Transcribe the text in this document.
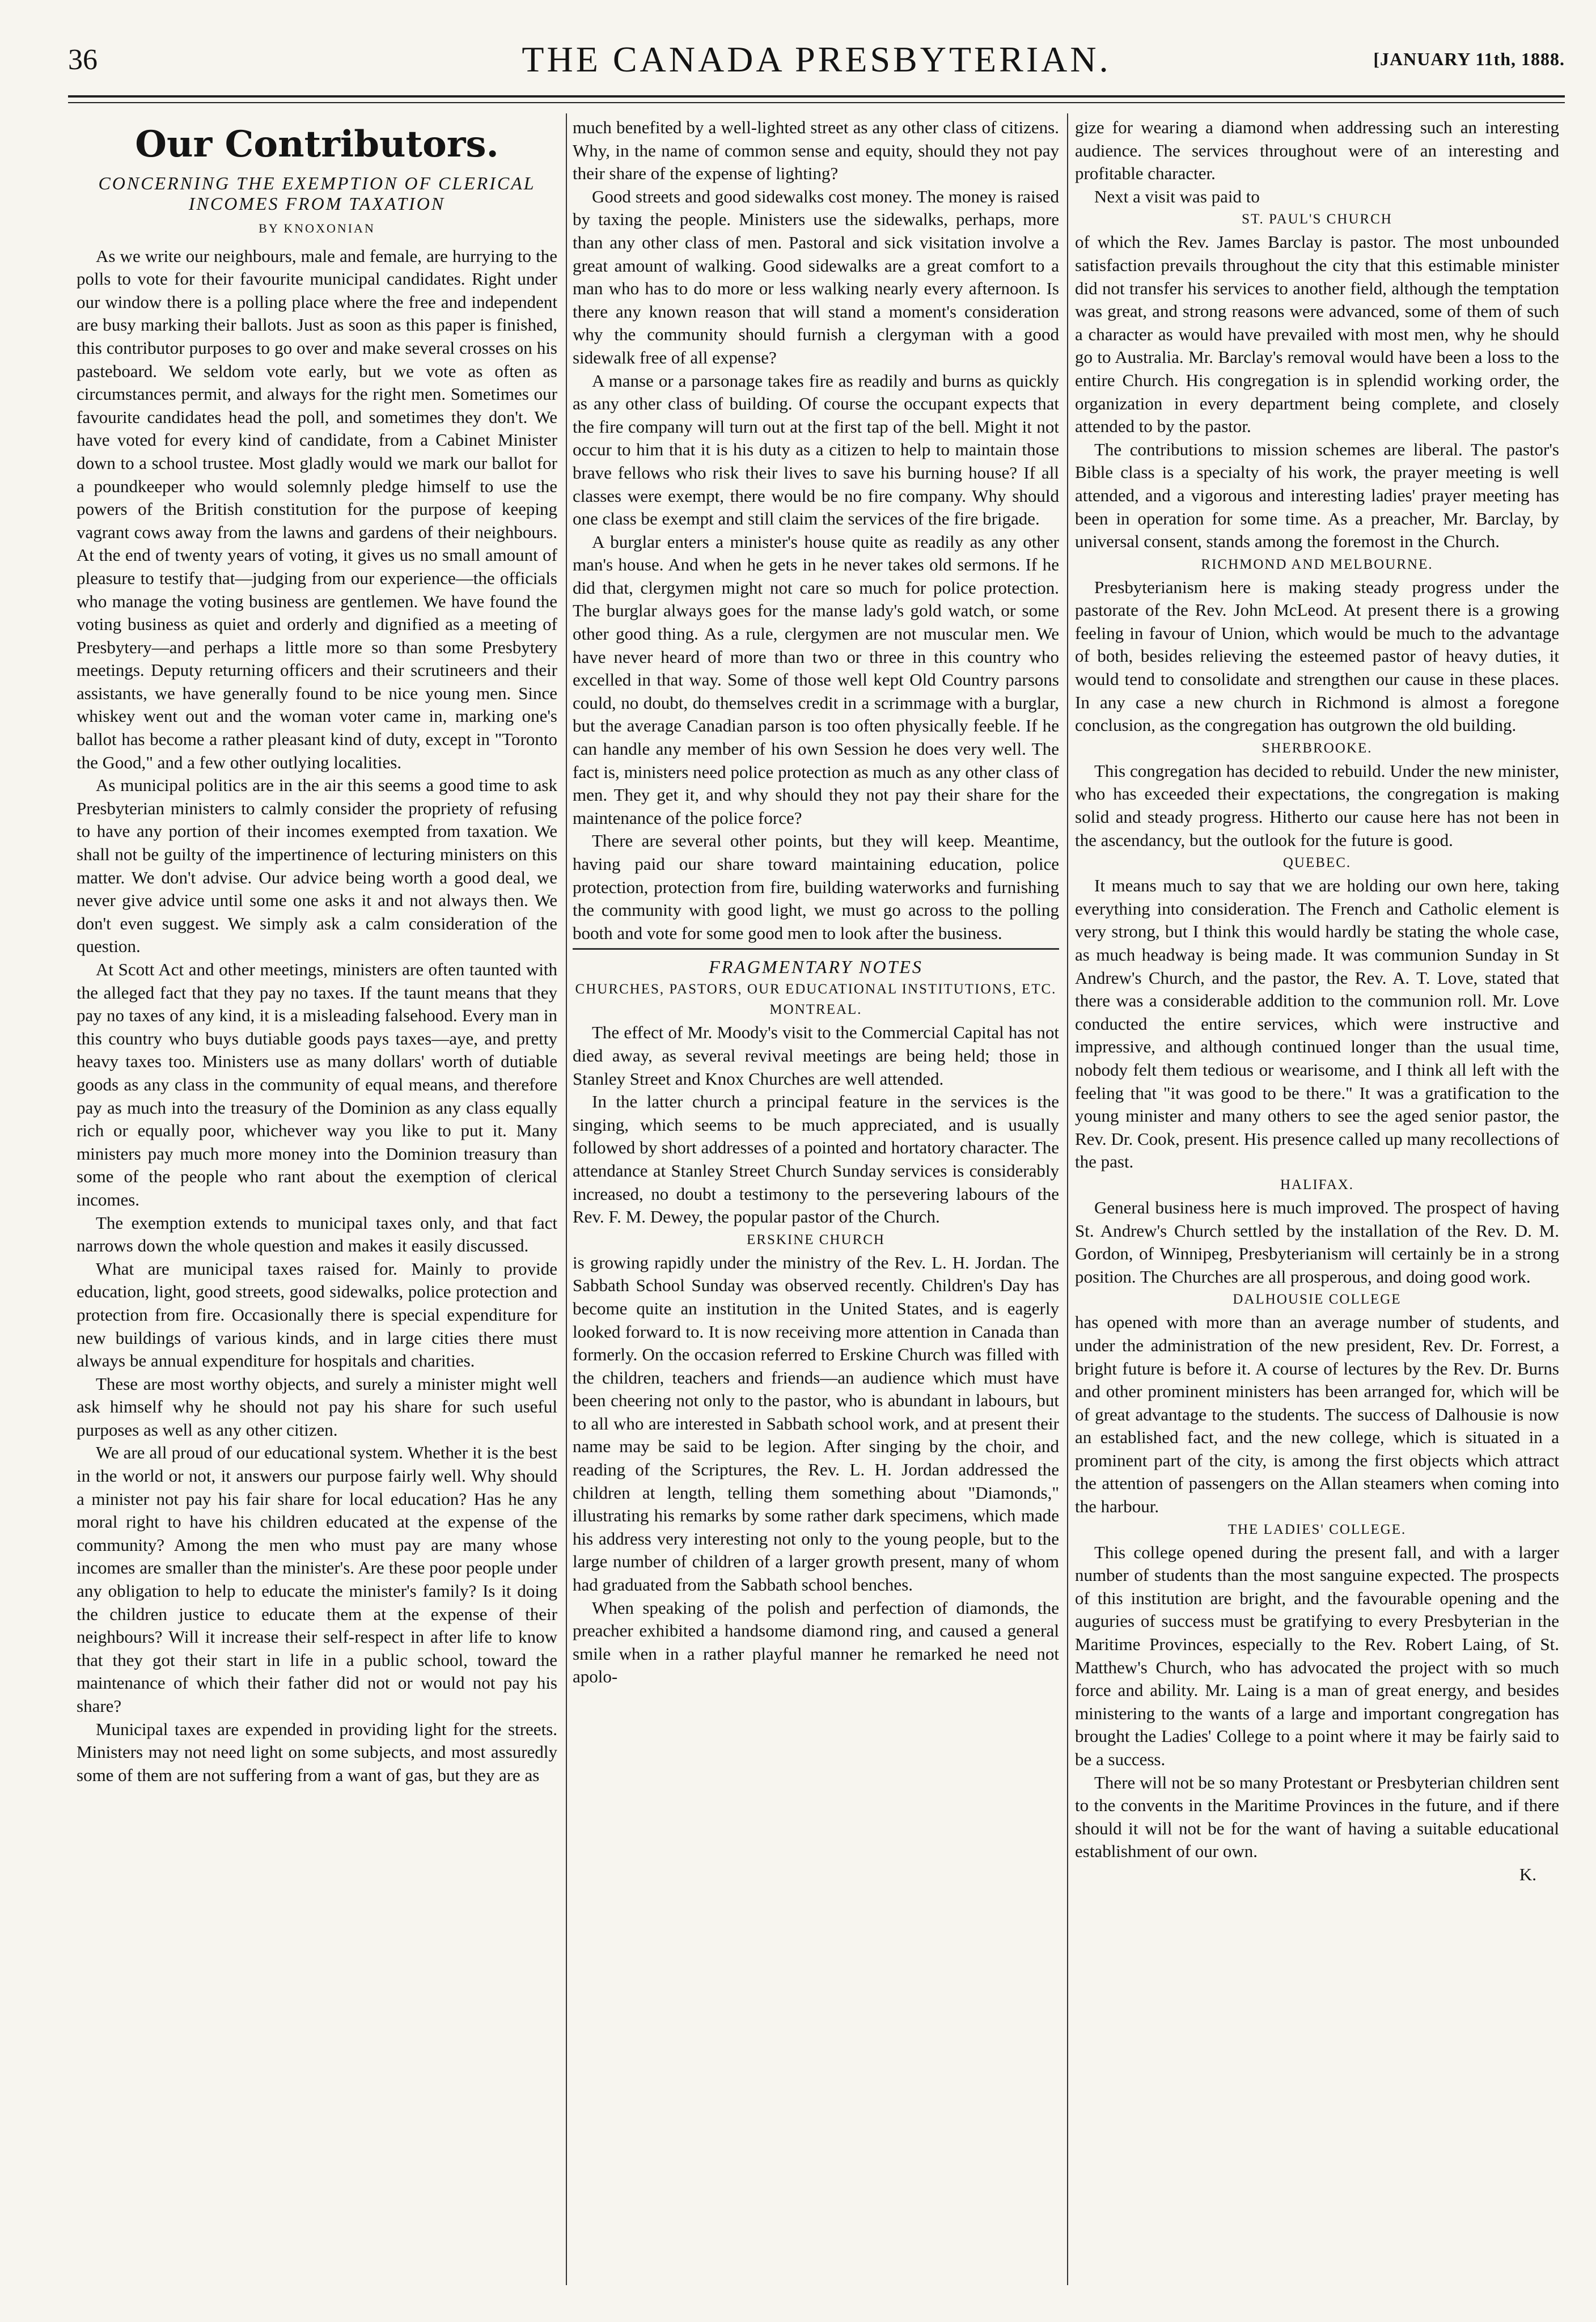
36	THE CANADA PRESBYTERIAN.	[JANUARY 11th, 1888.
Our Contributors.
CONCERNING THE EXEMPTION OF CLERICAL INCOMES FROM TAXATION
BY KNOXONIAN

As we write our neighbours, male and female, are hurrying to the polls to vote for their favourite municipal candidates. Right under our window there is a polling place where the free and independent are busy marking their ballots. Just as soon as this paper is finished, this contributor purposes to go over and make several crosses on his pasteboard. We seldom vote early, but we vote as often as circumstances permit, and always for the right men. Sometimes our favourite candidates head the poll, and sometimes they don't. We have voted for every kind of candidate, from a Cabinet Minister down to a school trustee. Most gladly would we mark our ballot for a poundkeeper who would solemnly pledge himself to use the powers of the British constitution for the purpose of keeping vagrant cows away from the lawns and gardens of their neighbours. At the end of twenty years of voting, it gives us no small amount of pleasure to testify that—judging from our experience—the officials who manage the voting business are gentlemen. We have found the voting business as quiet and orderly and dignified as a meeting of Presbytery—and perhaps a little more so than some Presbytery meetings. Deputy returning officers and their scrutineers and their assistants, we have generally found to be nice young men. Since whiskey went out and the woman voter came in, marking one's ballot has become a rather pleasant kind of duty, except in "Toronto the Good," and a few other outlying localities.

As municipal politics are in the air this seems a good time to ask Presbyterian ministers to calmly consider the propriety of refusing to have any portion of their incomes exempted from taxation. We shall not be guilty of the impertinence of lecturing ministers on this matter. We don't advise. Our advice being worth a good deal, we never give advice until some one asks it and not always then. We don't even suggest. We simply ask a calm consideration of the question.

At Scott Act and other meetings, ministers are often taunted with the alleged fact that they pay no taxes. If the taunt means that they pay no taxes of any kind, it is a misleading falsehood. Every man in this country who buys dutiable goods pays taxes—aye, and pretty heavy taxes too. Ministers use as many dollars' worth of dutiable goods as any class in the community of equal means, and therefore pay as much into the treasury of the Dominion as any class equally rich or equally poor, whichever way you like to put it. Many ministers pay much more money into the Dominion treasury than some of the people who rant about the exemption of clerical incomes.

The exemption extends to municipal taxes only, and that fact narrows down the whole question and makes it easily discussed.

What are municipal taxes raised for. Mainly to provide education, light, good streets, good sidewalks, police protection and protection from fire. Occasionally there is special expenditure for new buildings of various kinds, and in large cities there must always be annual expenditure for hospitals and charities.

These are most worthy objects, and surely a minister might well ask himself why he should not pay his share for such useful purposes as well as any other citizen.

We are all proud of our educational system. Whether it is the best in the world or not, it answers our purpose fairly well. Why should a minister not pay his fair share for local education? Has he any moral right to have his children educated at the expense of the community? Among the men who must pay are many whose incomes are smaller than the minister's. Are these poor people under any obligation to help to educate the minister's family? Is it doing the children justice to educate them at the expense of their neighbours? Will it increase their self-respect in after life to know that they got their start in life in a public school, toward the maintenance of which their father did not or would not pay his share?

Municipal taxes are expended in providing light for the streets. Ministers may not need light on some subjects, and most assuredly some of them are not suffering from a want of gas, but they are as

much benefited by a well-lighted street as any other class of citizens. Why, in the name of common sense and equity, should they not pay their share of the expense of lighting?

Good streets and good sidewalks cost money. The money is raised by taxing the people. Ministers use the sidewalks, perhaps, more than any other class of men. Pastoral and sick visitation involve a great amount of walking. Good sidewalks are a great comfort to a man who has to do more or less walking nearly every afternoon. Is there any known reason that will stand a moment's consideration why the community should furnish a clergyman with a good sidewalk free of all expense?

A manse or a parsonage takes fire as readily and burns as quickly as any other class of building. Of course the occupant expects that the fire company will turn out at the first tap of the bell. Might it not occur to him that it is his duty as a citizen to help to maintain those brave fellows who risk their lives to save his burning house? If all classes were exempt, there would be no fire company. Why should one class be exempt and still claim the services of the fire brigade.

A burglar enters a minister's house quite as readily as any other man's house. And when he gets in he never takes old sermons. If he did that, clergymen might not care so much for police protection. The burglar always goes for the manse lady's gold watch, or some other good thing. As a rule, clergymen are not muscular men. We have never heard of more than two or three in this country who excelled in that way. Some of those well kept Old Country parsons could, no doubt, do themselves credit in a scrimmage with a burglar, but the average Canadian parson is too often physically feeble. If he can handle any member of his own Session he does very well. The fact is, ministers need police protection as much as any other class of men. They get it, and why should they not pay their share for the maintenance of the police force?

There are several other points, but they will keep. Meantime, having paid our share toward maintaining education, police protection, protection from fire, building waterworks and furnishing the community with good light, we must go across to the polling booth and vote for some good men to look after the business.

FRAGMENTARY NOTES
CHURCHES, PASTORS, OUR EDUCATIONAL INSTITUTIONS, ETC.
MONTREAL.

The effect of Mr. Moody's visit to the Commercial Capital has not died away, as several revival meetings are being held; those in Stanley Street and Knox Churches are well attended.

In the latter church a principal feature in the services is the singing, which seems to be much appreciated, and is usually followed by short addresses of a pointed and hortatory character. The attendance at Stanley Street Church Sunday services is considerably increased, no doubt a testimony to the persevering labours of the Rev. F. M. Dewey, the popular pastor of the Church.

ERSKINE CHURCH

is growing rapidly under the ministry of the Rev. L. H. Jordan. The Sabbath School Sunday was observed recently. Children's Day has become quite an institution in the United States, and is eagerly looked forward to. It is now receiving more attention in Canada than formerly. On the occasion referred to Erskine Church was filled with the children, teachers and friends—an audience which must have been cheering not only to the pastor, who is abundant in labours, but to all who are interested in Sabbath school work, and at present their name may be said to be legion. After singing by the choir, and reading of the Scriptures, the Rev. L. H. Jordan addressed the children at length, telling them something about "Diamonds," illustrating his remarks by some rather dark specimens, which made his address very interesting not only to the young people, but to the large number of children of a larger growth present, many of whom had graduated from the Sabbath school benches.

When speaking of the polish and perfection of diamonds, the preacher exhibited a handsome diamond ring, and caused a general smile when in a rather playful manner he remarked he need not apolo-

gize for wearing a diamond when addressing such an interesting audience. The services throughout were of an interesting and profitable character.

Next a visit was paid to

ST. PAUL'S CHURCH

of which the Rev. James Barclay is pastor. The most unbounded satisfaction prevails throughout the city that this estimable minister did not transfer his services to another field, although the temptation was great, and strong reasons were advanced, some of them of such a character as would have prevailed with most men, why he should go to Australia. Mr. Barclay's removal would have been a loss to the entire Church. His congregation is in splendid working order, the organization in every department being complete, and closely attended to by the pastor.

The contributions to mission schemes are liberal. The pastor's Bible class is a specialty of his work, the prayer meeting is well attended, and a vigorous and interesting ladies' prayer meeting has been in operation for some time. As a preacher, Mr. Barclay, by universal consent, stands among the foremost in the Church.

RICHMOND AND MELBOURNE.

Presbyterianism here is making steady progress under the pastorate of the Rev. John McLeod. At present there is a growing feeling in favour of Union, which would be much to the advantage of both, besides relieving the esteemed pastor of heavy duties, it would tend to consolidate and strengthen our cause in these places. In any case a new church in Richmond is almost a foregone conclusion, as the congregation has outgrown the old building.

SHERBROOKE.

This congregation has decided to rebuild. Under the new minister, who has exceeded their expectations, the congregation is making solid and steady progress. Hitherto our cause here has not been in the ascendancy, but the outlook for the future is good.

QUEBEC.

It means much to say that we are holding our own here, taking everything into consideration. The French and Catholic element is very strong, but I think this would hardly be stating the whole case, as much headway is being made. It was communion Sunday in St Andrew's Church, and the pastor, the Rev. A. T. Love, stated that there was a considerable addition to the communion roll. Mr. Love conducted the entire services, which were instructive and impressive, and although continued longer than the usual time, nobody felt them tedious or wearisome, and I think all left with the feeling that "it was good to be there." It was a gratification to the young minister and many others to see the aged senior pastor, the Rev. Dr. Cook, present. His presence called up many recollections of the past.

HALIFAX.

General business here is much improved. The prospect of having St. Andrew's Church settled by the installation of the Rev. D. M. Gordon, of Winnipeg, Presbyterianism will certainly be in a strong position. The Churches are all prosperous, and doing good work.

DALHOUSIE COLLEGE

has opened with more than an average number of students, and under the administration of the new president, Rev. Dr. Forrest, a bright future is before it. A course of lectures by the Rev. Dr. Burns and other prominent ministers has been arranged for, which will be of great advantage to the students. The success of Dalhousie is now an established fact, and the new college, which is situated in a prominent part of the city, is among the first objects which attract the attention of passengers on the Allan steamers when coming into the harbour.

THE LADIES' COLLEGE.

This college opened during the present fall, and with a larger number of students than the most sanguine expected. The prospects of this institution are bright, and the favourable opening and the auguries of success must be gratifying to every Presbyterian in the Maritime Provinces, especially to the Rev. Robert Laing, of St. Matthew's Church, who has advocated the project with so much force and ability. Mr. Laing is a man of great energy, and besides ministering to the wants of a large and important congregation has brought the Ladies' College to a point where it may be fairly said to be a success.

There will not be so many Protestant or Presbyterian children sent to the convents in the Maritime Provinces in the future, and if there should it will not be for the want of having a suitable educational establishment of our own.

K.
